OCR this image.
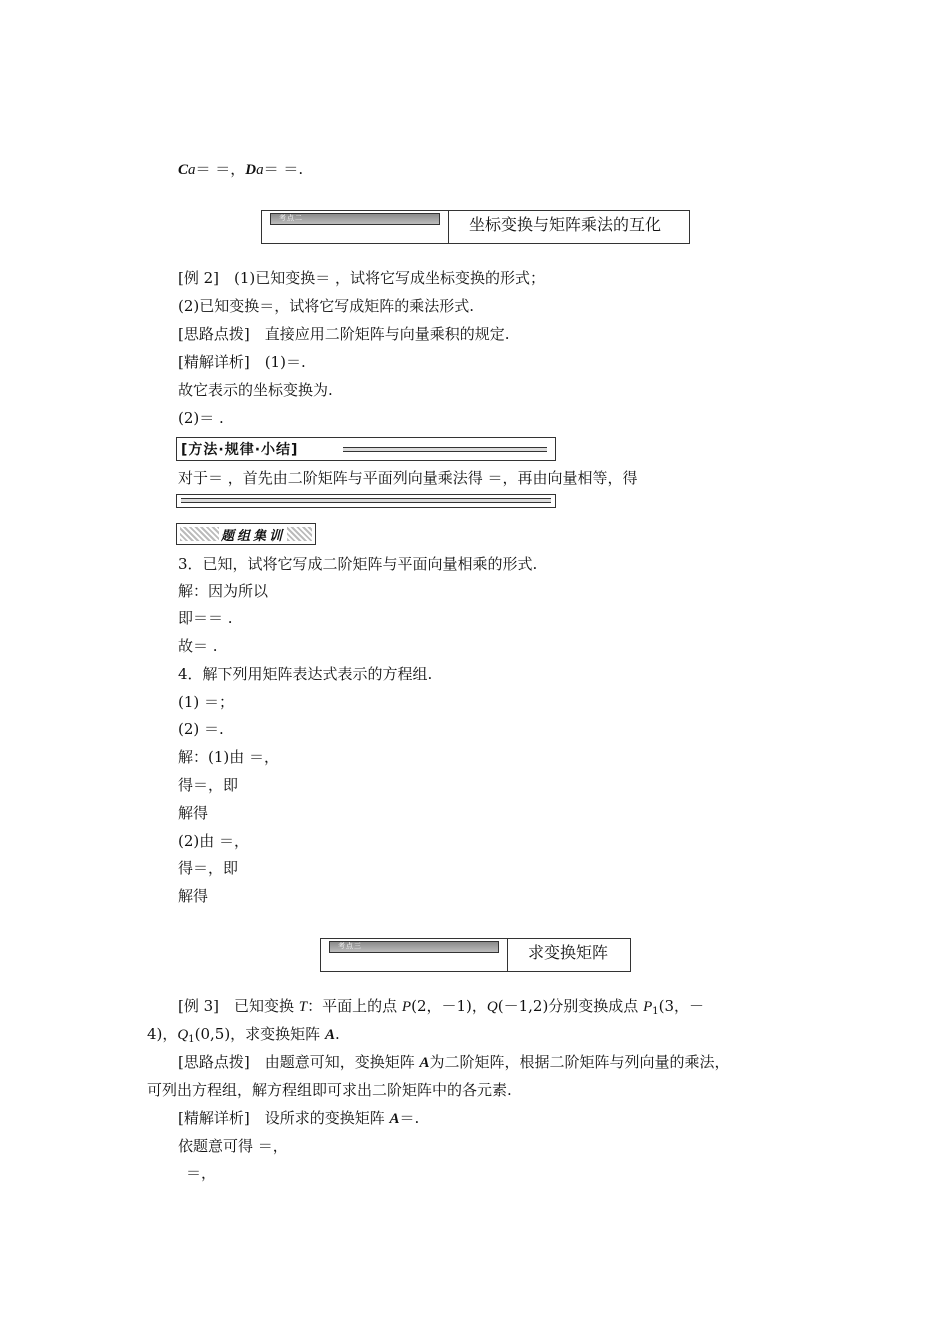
Ca＝ ＝，Da＝ ＝.
考点二	坐标变换与矩阵乘法的互化
[例 2]　(1)已知变换＝ ，试将它写成坐标变换的形式；
(2)已知变换＝，试将它写成矩阵的乘法形式.
[思路点拨]　直接应用二阶矩阵与向量乘积的规定.
[精解详析]　(1)＝.
故它表示的坐标变换为.
(2)＝ .
[方法·规律·小结]
对于＝ ，首先由二阶矩阵与平面列向量乘法得 ＝，再由向量相等，得
题组集训
3．已知，试将它写成二阶矩阵与平面向量相乘的形式.
解：因为所以
即＝＝ .
故＝ .
4．解下列用矩阵表达式表示的方程组.
(1) ＝；
(2) ＝.
解：(1)由 ＝，
得＝，即
解得
(2)由 ＝，
得＝，即
解得
考点三	求变换矩阵
[例 3]　已知变换 T：平面上的点 P(2，－1)，Q(－1,2)分别变换成点 $P_1(3$，－
4)，$Q_1(0,5)$，求变换矩阵 A.
[思路点拨]　由题意可知，变换矩阵 A为二阶矩阵，根据二阶矩阵与列向量的乘法，
可列出方程组，解方程组即可求出二阶矩阵中的各元素.
[精解详析]　设所求的变换矩阵 A＝.
依题意可得 ＝，
＝，
